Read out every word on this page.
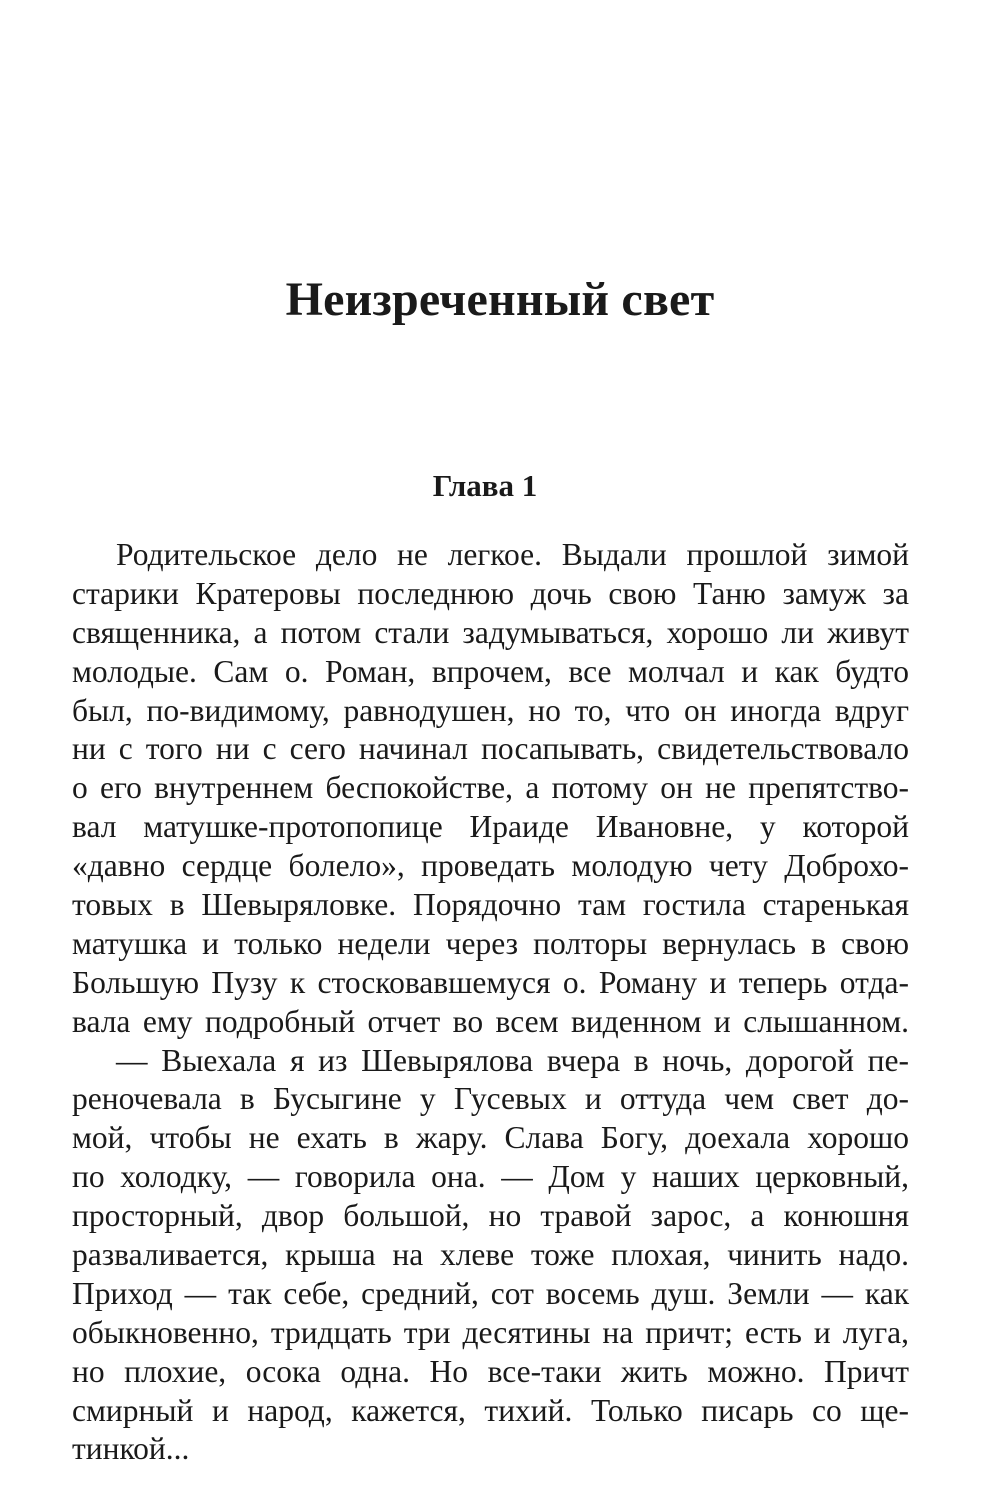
Неизреченный свет
Глава 1
Родительское дело не легкое. Выдали прошлой зимой
старики Кратеровы последнюю дочь свою Таню замуж за
священника, а потом стали задумываться, хорошо ли живут
молодые. Сам о. Роман, впрочем, все молчал и как будто
был, по-видимому, равнодушен, но то, что он иногда вдруг
ни с того ни с сего начинал посапывать, свидетельствовало
о его внутреннем беспокойстве, а потому он не препятство-
вал матушке-протопопице Ираиде Ивановне, у которой
«давно сердце болело», проведать молодую чету Доброхо-
товых в Шевыряловке. Порядочно там гостила старенькая
матушка и только недели через полторы вернулась в свою
Большую Пузу к стосковавшемуся о. Роману и теперь отда-
вала ему подробный отчет во всем виденном и слышанном.
— Выехала я из Шевырялова вчера в ночь, дорогой пе-
реночевала в Бусыгине у Гусевых и оттуда чем свет до-
мой, чтобы не ехать в жару. Слава Богу, доехала хорошо
по холодку, — говорила она. — Дом у наших церковный,
просторный, двор большой, но травой зарос, а конюшня
разваливается, крыша на хлеве тоже плохая, чинить надо.
Приход — так себе, средний, сот восемь душ. Земли — как
обыкновенно, тридцать три десятины на причт; есть и луга,
но плохие, осока одна. Но все-таки жить можно. Причт
смирный и народ, кажется, тихий. Только писарь со ще-
тинкой...
